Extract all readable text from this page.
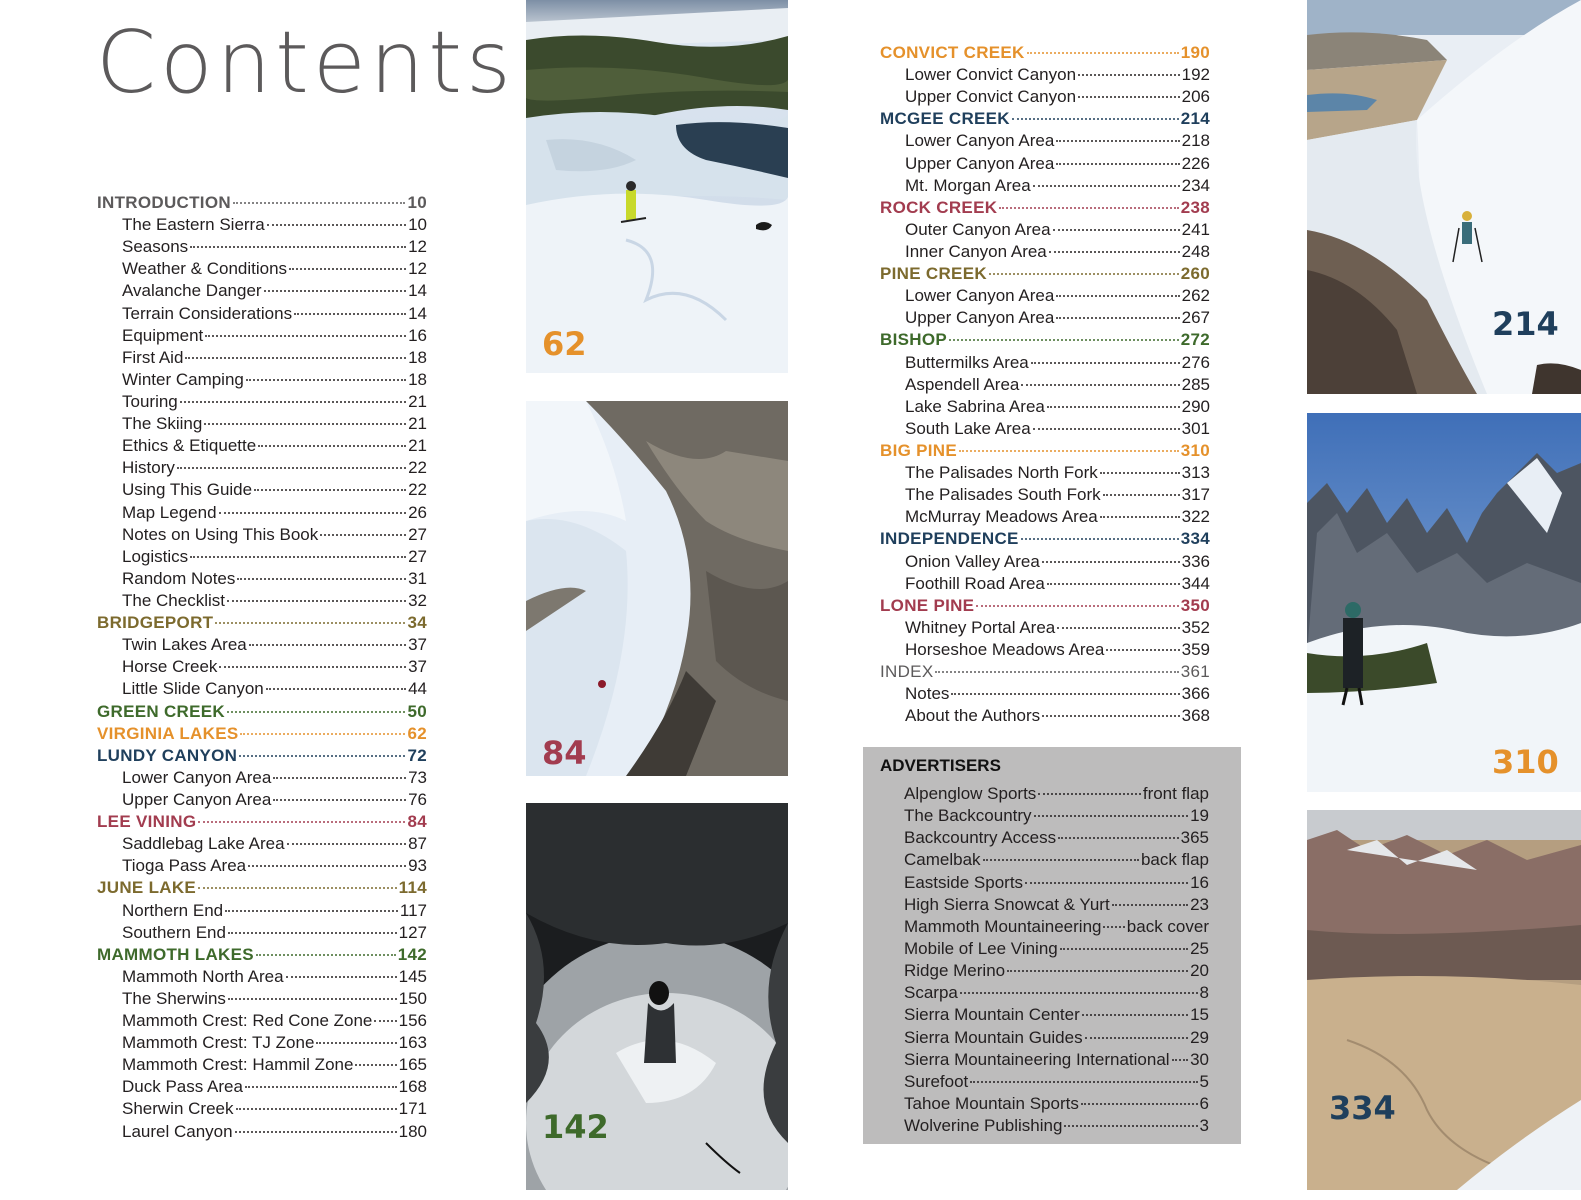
Contents
INTRODUCTION	10
The Eastern Sierra	10
Seasons	12
Weather & Conditions	12
Avalanche Danger	14
Terrain Considerations	14
Equipment	16
First Aid	18
Winter Camping	18
Touring	21
The Skiing	21
Ethics & Etiquette	21
History	22
Using This Guide	22
Map Legend	26
Notes on Using This Book	27
Logistics	27
Random Notes	31
The Checklist	32
BRIDGEPORT	34
Twin Lakes Area	37
Horse Creek	37
Little Slide Canyon	44
GREEN CREEK	50
VIRGINIA LAKES	62
LUNDY CANYON	72
Lower Canyon Area	73
Upper Canyon Area	76
LEE VINING	84
Saddlebag Lake Area	87
Tioga Pass Area	93
JUNE LAKE	114
Northern End	117
Southern End	127
MAMMOTH LAKES	142
Mammoth North Area	145
The Sherwins	150
Mammoth Crest: Red Cone Zone 156
Mammoth Crest: TJ Zone	163
Mammoth Crest: Hammil Zone	165
Duck Pass Area	168
Sherwin Creek	171
Laurel Canyon	180
CONVICT CREEK	190
Lower Convict Canyon	192
Upper Convict Canyon	206
MCGEE CREEK	214
Lower Canyon Area	218
Upper Canyon Area	226
Mt. Morgan Area	234
ROCK CREEK	238
Outer Canyon Area	241
Inner Canyon Area	248
PINE CREEK	260
Lower Canyon Area	262
Upper Canyon Area	267
BISHOP	272
Buttermilks Area	276
Aspendell Area	285
Lake Sabrina Area	290
South Lake Area	301
BIG PINE	310
The Palisades North Fork	313
The Palisades South Fork	317
McMurray Meadows Area	322
INDEPENDENCE	334
Onion Valley Area	336
Foothill Road Area	344
LONE PINE	350
Whitney Portal Area	352
Horseshoe Meadows Area	359
INDEX	361
Notes	366
About the Authors	368
62
84
142
214
310
334
ADVERTISERS
Alpenglow Sports	front flap
The Backcountry	19
Backcountry Access	365
Camelbak	back flap
Eastside Sports	16
High Sierra Snowcat & Yurt	23
Mammoth Mountaineering back cover
Mobile of Lee Vining	25
Ridge Merino	20
Scarpa	8
Sierra Mountain Center	15
Sierra Mountain Guides	29
Sierra Mountaineering International 30
Surefoot	5
Tahoe Mountain Sports	6
Wolverine Publishing	3
